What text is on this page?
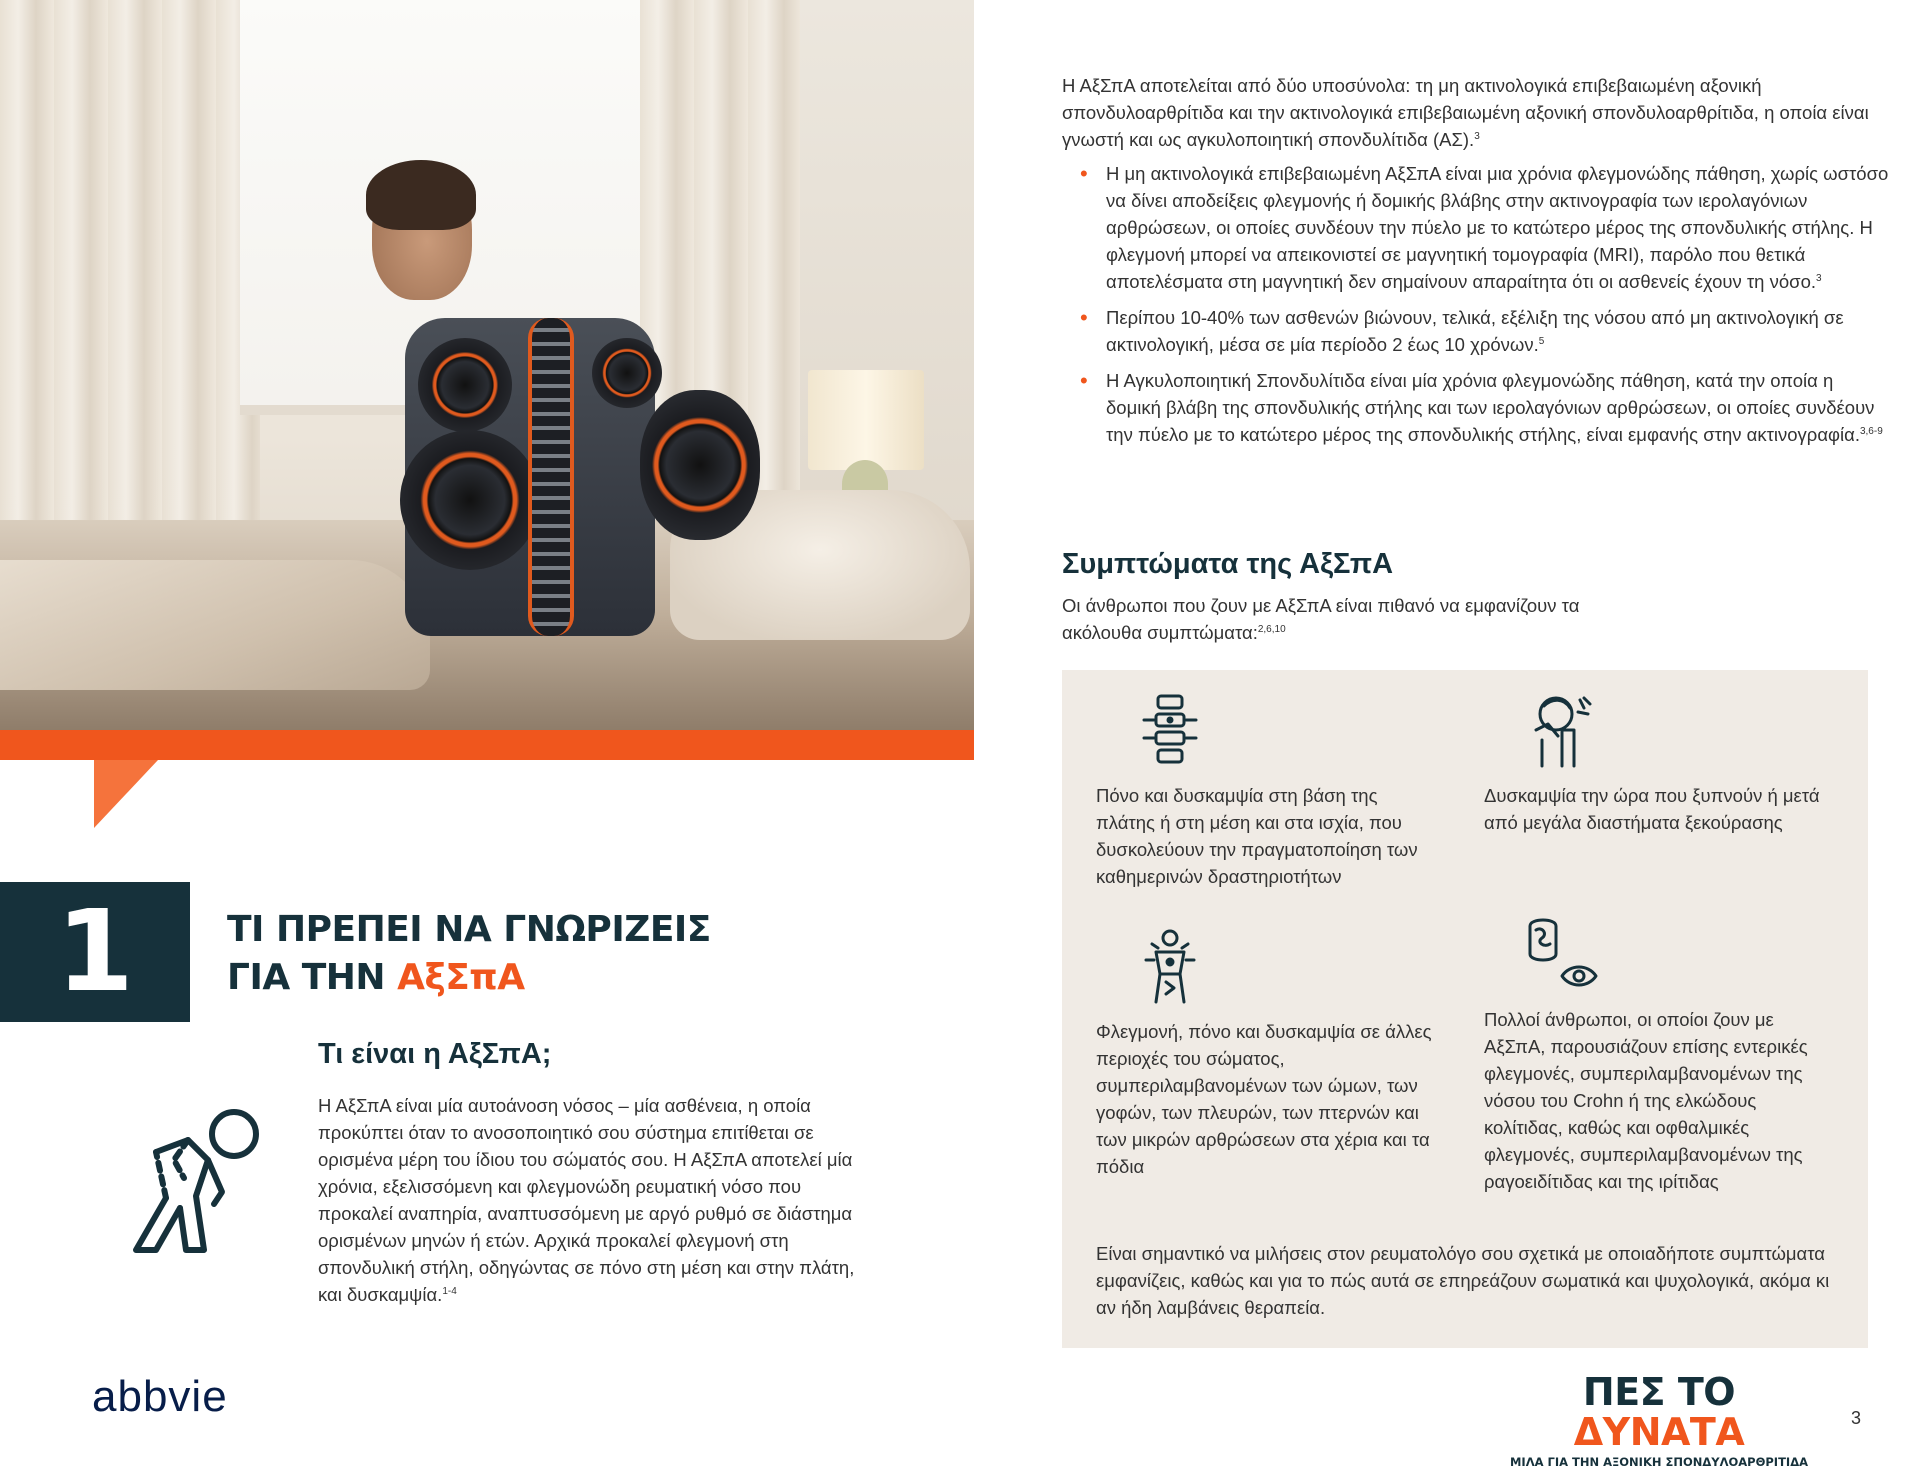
1	ΤΙ ΠΡΕΠΕΙ ΝΑ ΓΝΩΡΙΖΕΙΣ
ΓΙΑ ΤΗΝ ΑξΣπΑ
Τι είναι η ΑξΣπΑ;

Η ΑξΣπΑ είναι μία αυτοάνοση νόσος – μία ασθένεια, η οποία προκύπτει όταν το ανοσοποιητικό σου σύστημα επιτίθεται σε ορισμένα μέρη του ίδιου του σώματός σου. Η ΑξΣπΑ αποτελεί μία χρόνια, εξελισσόμενη και φλεγμονώδη ρευματική νόσο που προκαλεί αναπηρία, αναπτυσσόμενη με αργό ρυθμό σε διάστημα ορισμένων μηνών ή ετών. Αρχικά προκαλεί φλεγμονή στη σπονδυλική στήλη, οδηγώντας σε πόνο στη μέση και στην πλάτη, και δυσκαμψία.$^{1-4}$

abbvie

Η ΑξΣπΑ αποτελείται από δύο υποσύνολα: τη μη ακτινολογικά επιβεβαιωμένη αξονική σπονδυλοαρθρίτιδα και την ακτινολογικά επιβεβαιωμένη αξονική σπονδυλοαρθρίτιδα, η οποία είναι γνωστή και ως αγκυλοποιητική σπονδυλίτιδα (ΑΣ).$^3$

• Η μη ακτινολογικά επιβεβαιωμένη ΑξΣπΑ είναι μια χρόνια φλεγμονώδης πάθηση, χωρίς ωστόσο να δίνει αποδείξεις φλεγμονής ή δομικής βλάβης στην ακτινογραφία των ιερολαγόνιων αρθρώσεων, οι οποίες συνδέουν την πύελο με το κατώτερο μέρος της σπονδυλικής στήλης. Η φλεγμονή μπορεί να απεικονιστεί σε μαγνητική τομογραφία (MRI), παρόλο που θετικά αποτελέσματα στη μαγνητική δεν σημαίνουν απαραίτητα ότι οι ασθενείς έχουν τη νόσο.$^3$
• Περίπου 10-40% των ασθενών βιώνουν, τελικά, εξέλιξη της νόσου από μη ακτινολογική σε ακτινολογική, μέσα σε μία περίοδο 2 έως 10 χρόνων.$^5$
• Η Αγκυλοποιητική Σπονδυλίτιδα είναι μία χρόνια φλεγμονώδης πάθηση, κατά την οποία η δομική βλάβη της σπονδυλικής στήλης και των ιερολαγόνιων αρθρώσεων, οι οποίες συνδέουν την πύελο με το κατώτερο μέρος της σπονδυλικής στήλης, είναι εμφανής στην ακτινογραφία.$^{3,6-9}$
Συμπτώματα της ΑξΣπΑ

Οι άνθρωποι που ζουν με ΑξΣπΑ είναι πιθανό να εμφανίζουν τα ακόλουθα συμπτώματα:$^{2,6,10}$

Πόνο και δυσκαμψία στη βάση της πλάτης ή στη μέση και στα ισχία, που δυσκολεύουν την πραγματοποίηση των καθημερινών δραστηριοτήτων

Δυσκαμψία την ώρα που ξυπνούν ή μετά από μεγάλα διαστήματα ξεκούρασης

Φλεγμονή, πόνο και δυσκαμψία σε άλλες περιοχές του σώματος, συμπεριλαμβανομένων των ώμων, των γοφών, των πλευρών, των πτερνών και των μικρών αρθρώσεων στα χέρια και τα πόδια

Πολλοί άνθρωποι, οι οποίοι ζουν με ΑξΣπΑ, παρουσιάζουν επίσης εντερικές φλεγμονές, συμπεριλαμβανομένων της νόσου του Crohn ή της ελκώδους κολίτιδας, καθώς και οφθαλμικές φλεγμονές, συμπεριλαμβανομένων της ραγοειδίτιδας και της ιρίτιδας

Είναι σημαντικό να μιλήσεις στον ρευματολόγο σου σχετικά με οποιαδήποτε συμπτώματα εμφανίζεις, καθώς και για το πώς αυτά σε επηρεάζουν σωματικά και ψυχολογικά, ακόμα κι αν ήδη λαμβάνεις θεραπεία.

ΠΕΣ ΤΟ ΔΥΝΑΤΑ
ΜΙΛΑ ΓΙΑ ΤΗΝ ΑΞΟΝΙΚΗ ΣΠΟΝΔΥΛΟΑΡΘΡΙΤΙΔΑ
3
